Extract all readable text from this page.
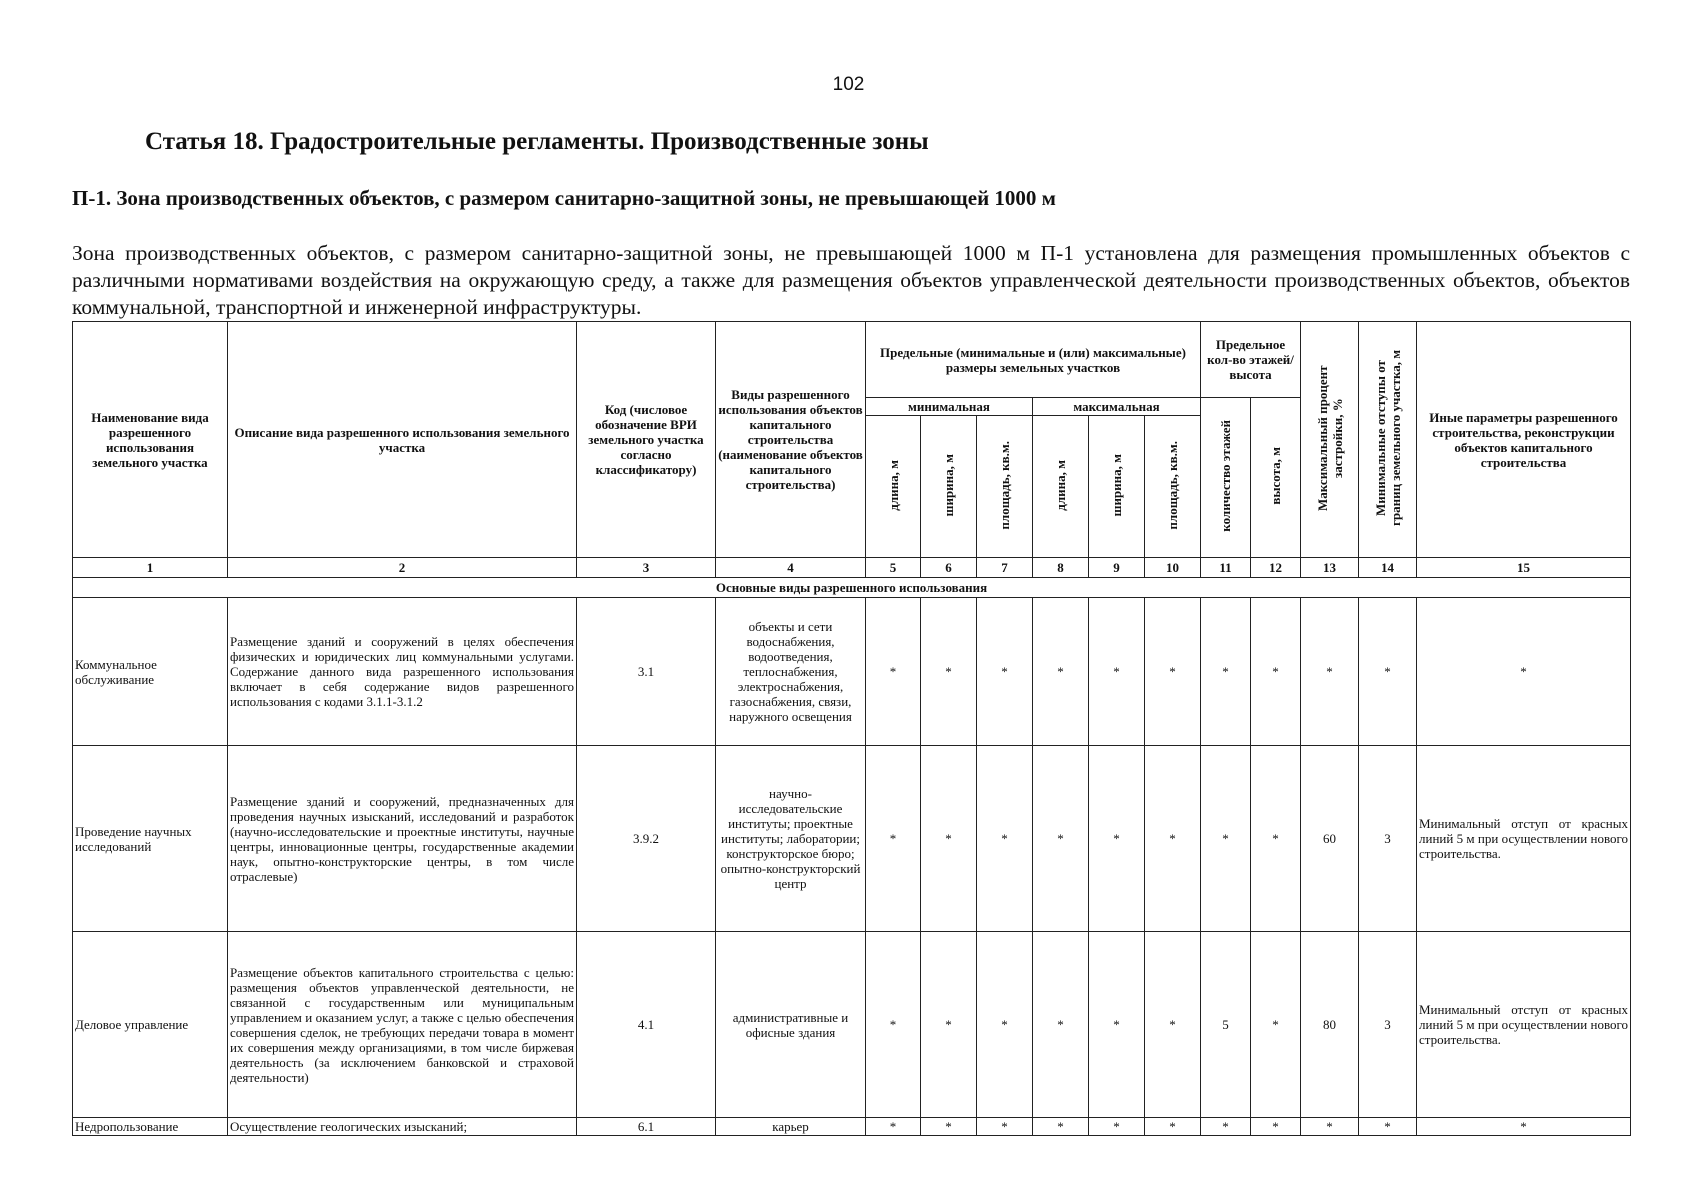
102
Статья 18. Градостроительные регламенты. Производственные зоны
П-1. Зона производственных объектов, с размером санитарно-защитной зоны, не превышающей 1000 м
Зона производственных объектов, с размером санитарно-защитной зоны, не превышающей 1000 м П-1 установлена для размещения промышленных объектов с различными нормативами воздействия на окружающую среду, а также для размещения объектов управленческой деятельности производственных объектов, объектов коммунальной, транспортной и инженерной инфраструктуры.
Наименование вида разрешенного использования земельного участка	Описание вида разрешенного использования земельного участка	Код (числовое обозначение ВРИ земельного участка согласно классификатору)	Виды разрешенного использования объектов капитального строительства (наименование объектов капитального строительства)	Предельные (минимальные и (или) максимальные) размеры земельных участков						Предельное кол-во этажей/ высота		Максимальный процент застройки, %	Минимальные отступы от границ земельного участка, м	Иные параметры разрешенного строительства, реконструкции объектов капитального строительства
				минимальная			максимальная			количество этажей	высота, м			
				длина, м	ширина, м	площадь, кв.м.	длина, м	ширина, м	площадь, кв.м.					
1	2	3	4	5	6	7	8	9	10	11	12	13	14	15
Основные виды разрешенного использования														
Коммунальное обслуживание	Размещение зданий и сооружений в целях обеспечения физических и юридических лиц коммунальными услугами. Содержание данного вида разрешенного использования включает в себя содержание видов разрешенного использования с кодами 3.1.1-3.1.2	3.1	объекты и сети водоснабжения, водоотведения, теплоснабжения, электроснабжения, газоснабжения, связи, наружного освещения	*	*	*	*	*	*	*	*	*	*	*
Проведение научных исследований	Размещение зданий и сооружений, предназначенных для проведения научных изысканий, исследований и разработок (научно-исследовательские и проектные институты, научные центры, инновационные центры, государственные академии наук, опытно-конструкторские центры, в том числе отраслевые)	3.9.2	научно-исследовательские институты; проектные институты; лаборатории; конструкторское бюро; опытно-конструкторский центр	*	*	*	*	*	*	*	*	60	3	Минимальный отступ от красных линий 5 м при осуществлении нового строительства.
Деловое управление	Размещение объектов капитального строительства с целью: размещения объектов управленческой деятельности, не связанной с государственным или муниципальным управлением и оказанием услуг, а также с целью обеспечения совершения сделок, не требующих передачи товара в момент их совершения между организациями, в том числе биржевая деятельность (за исключением банковской и страховой деятельности)	4.1	административные и офисные здания	*	*	*	*	*	*	5	*	80	3	Минимальный отступ от красных линий 5 м при осуществлении нового строительства.
Недропользование	Осуществление геологических изысканий;	6.1	карьер	*	*	*	*	*	*	*	*	*	*	*
